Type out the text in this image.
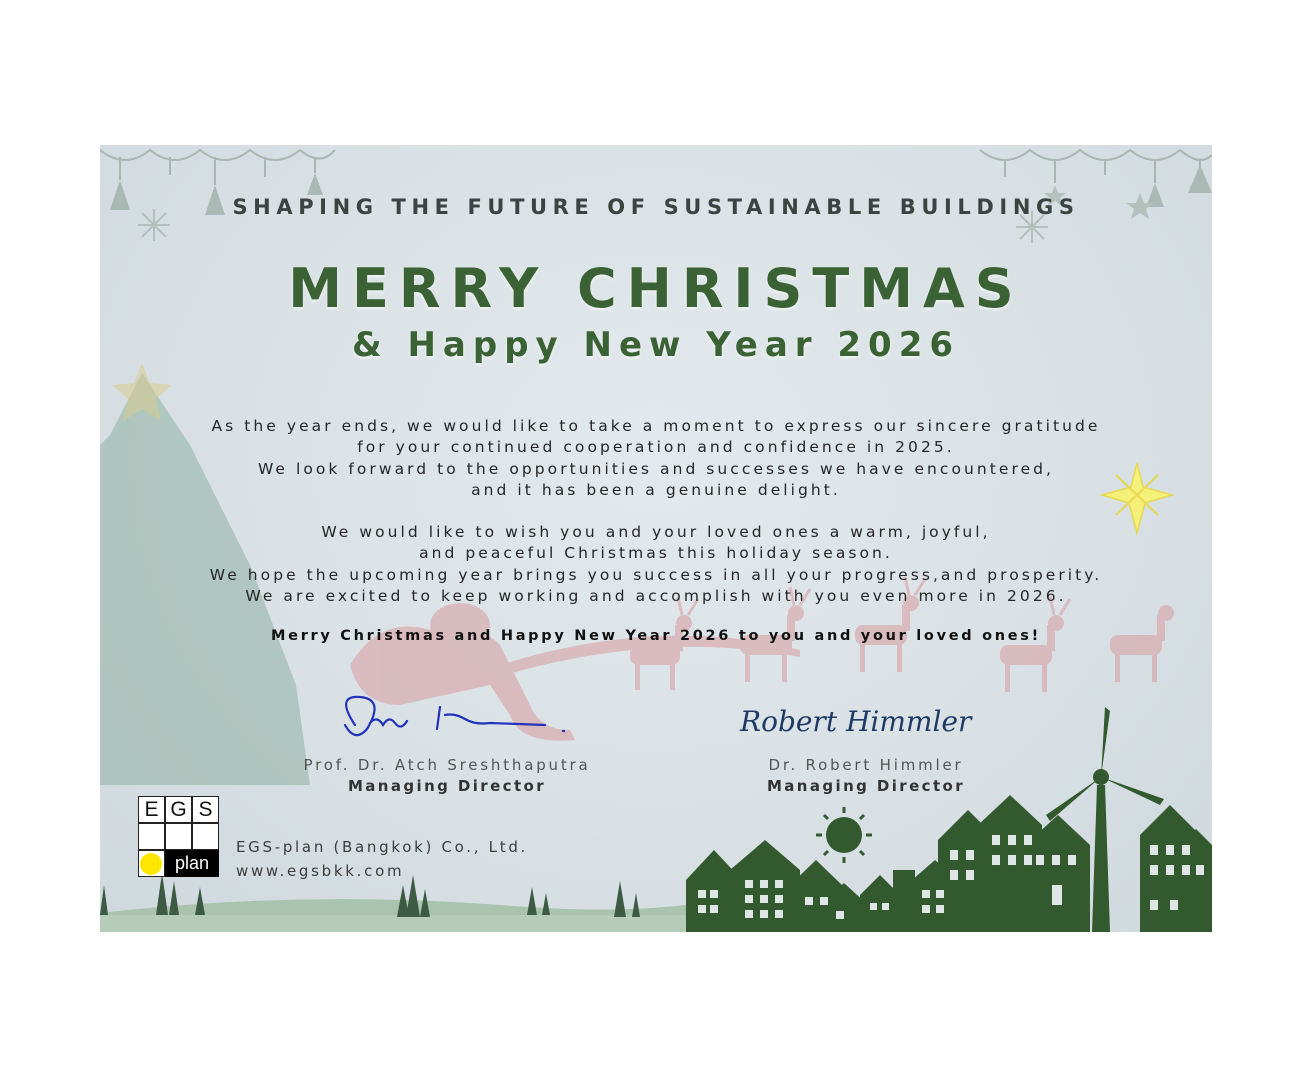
SHAPING THE FUTURE OF SUSTAINABLE BUILDINGS

MERRY CHRISTMAS

& Happy New Year 2026

As the year ends, we would like to take a moment to express our sincere gratitude
for your continued cooperation and confidence in 2025.
We look forward to the opportunities and successes we have encountered,
and it has been a genuine delight.
We would like to wish you and your loved ones a warm, joyful,
and peaceful Christmas this holiday season.
We hope the upcoming year brings you success in all your progress,and prosperity.
We are excited to keep working and accomplish with you even more in 2026.

Merry Christmas and Happy New Year 2026 to you and your loved ones!

Robert Himmler
Prof. Dr. Atch Sreshthaputra
Managing Director
Dr. Robert Himmler
Managing Director
E G S
plan
EGS-plan (Bangkok) Co., Ltd.
www.egsbkk.com
